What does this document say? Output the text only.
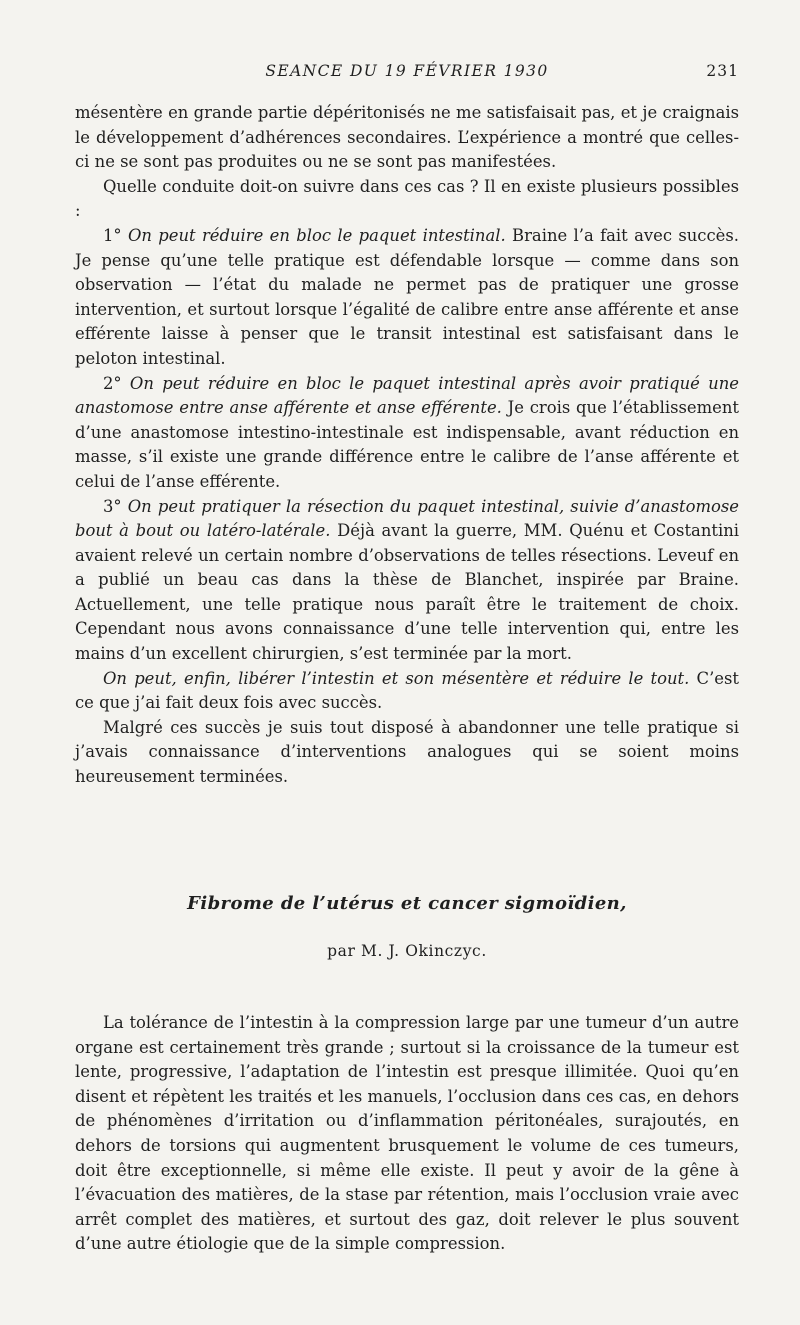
SEANCE DU 19 FÉVRIER 1930	231

mésentère en grande partie dépéritonisés ne me satisfaisait pas, et je craignais le développement d’adhérences secondaires. L’expérience a montré que celles-ci ne se sont pas produites ou ne se sont pas manifestées.

Quelle conduite doit-on suivre dans ces cas ? Il en existe plusieurs possibles :

1° On peut réduire en bloc le paquet intestinal. Braine l’a fait avec succès. Je pense qu’une telle pratique est défendable lorsque — comme dans son observation — l’état du malade ne permet pas de pratiquer une grosse intervention, et surtout lorsque l’égalité de calibre entre anse afférente et anse efférente laisse à penser que le transit intestinal est satisfaisant dans le peloton intestinal.

2° On peut réduire en bloc le paquet intestinal après avoir pratiqué une anastomose entre anse afférente et anse efférente. Je crois que l’établissement d’une anastomose intestino-intestinale est indispensable, avant réduction en masse, s’il existe une grande différence entre le calibre de l’anse afférente et celui de l’anse efférente.

3° On peut pratiquer la résection du paquet intestinal, suivie d’anastomose bout à bout ou latéro-latérale. Déjà avant la guerre, MM. Quénu et Costantini avaient relevé un certain nombre d’observations de telles résections. Leveuf en a publié un beau cas dans la thèse de Blanchet, inspirée par Braine. Actuellement, une telle pratique nous paraît être le traitement de choix. Cependant nous avons connaissance d’une telle intervention qui, entre les mains d’un excellent chirurgien, s’est terminée par la mort.

On peut, enfin, libérer l’intestin et son mésentère et réduire le tout. C’est ce que j’ai fait deux fois avec succès.

Malgré ces succès je suis tout disposé à abandonner une telle pratique si j’avais connaissance d’interventions analogues qui se soient moins heureusement terminées.

Fibrome de l’utérus et cancer sigmoïdien,
par M. J. Okinczyc.

La tolérance de l’intestin à la compression large par une tumeur d’un autre organe est certainement très grande ; surtout si la croissance de la tumeur est lente, progressive, l’adaptation de l’intestin est presque illimitée. Quoi qu’en disent et répètent les traités et les manuels, l’occlusion dans ces cas, en dehors de phénomènes d’irritation ou d’inflammation péritonéales, surajoutés, en dehors de torsions qui augmentent brusquement le volume de ces tumeurs, doit être exceptionnelle, si même elle existe. Il peut y avoir de la gêne à l’évacuation des matières, de la stase par rétention, mais l’occlusion vraie avec arrêt complet des matières, et surtout des gaz, doit relever le plus souvent d’une autre étiologie que de la simple compression.
